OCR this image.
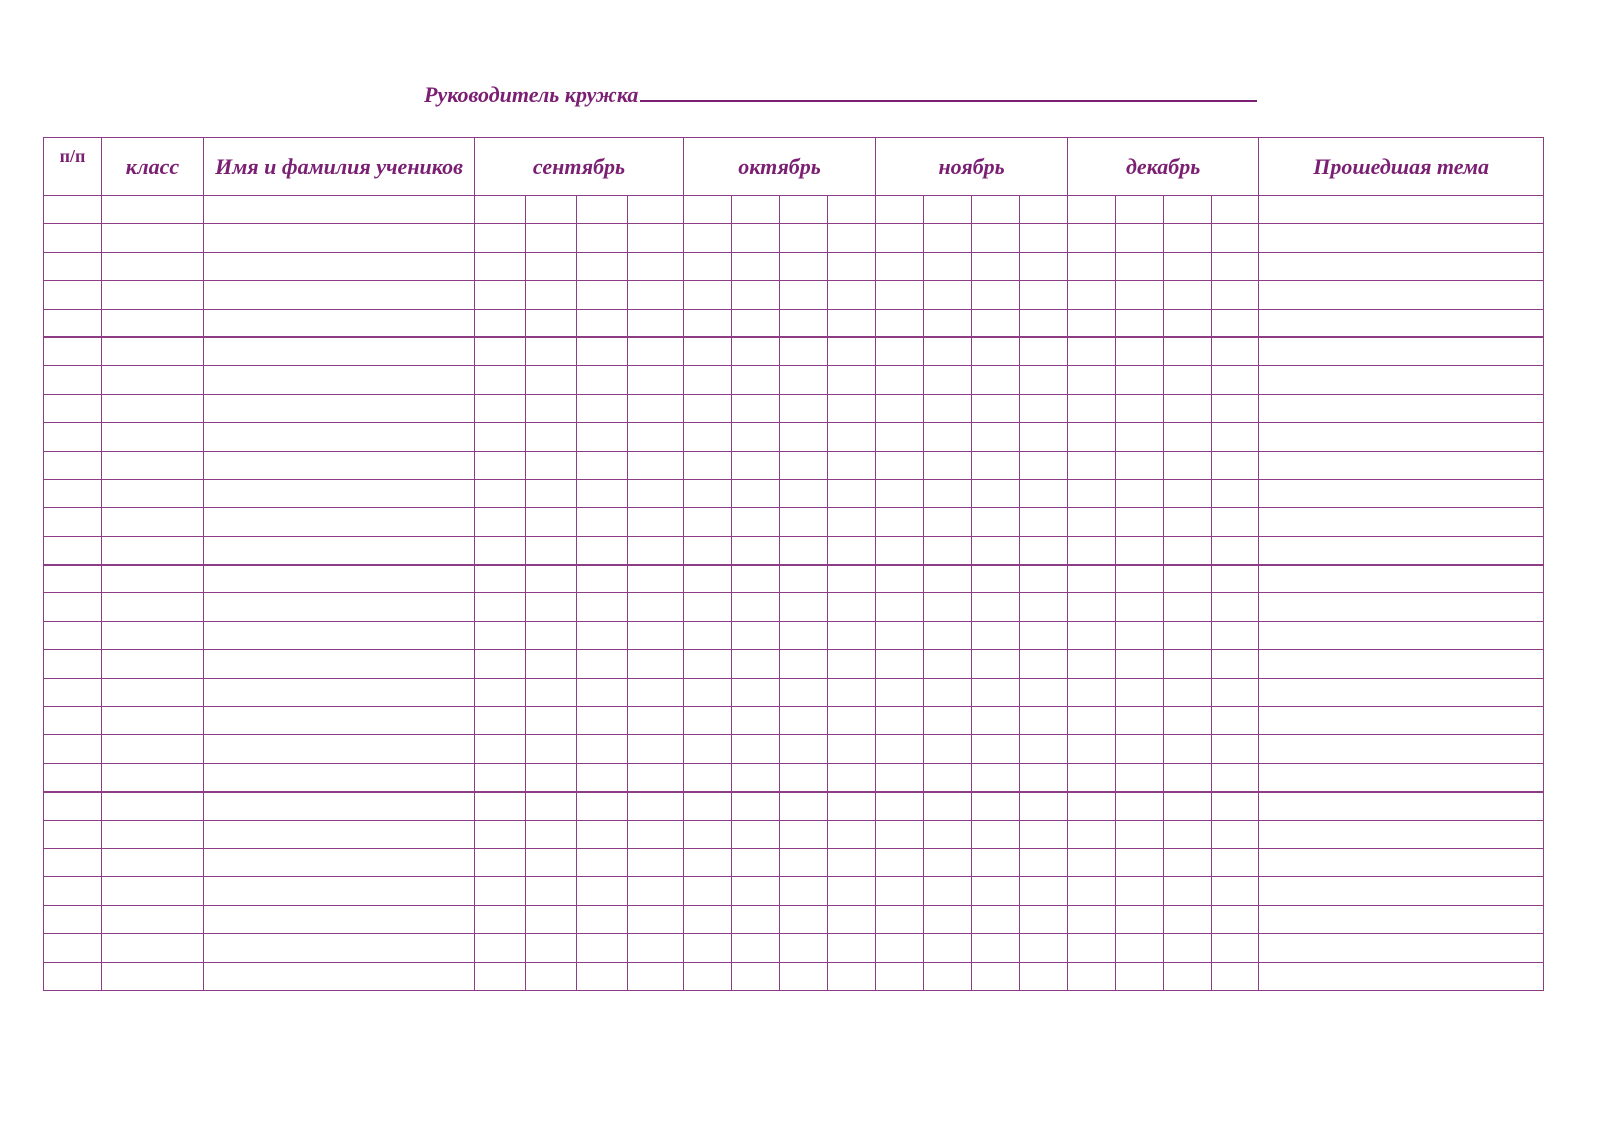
Руководитель кружка
п/п	класс	Имя и фамилия учеников	сентябрь				октябрь				ноябрь				декабрь				Прошедшая тема
